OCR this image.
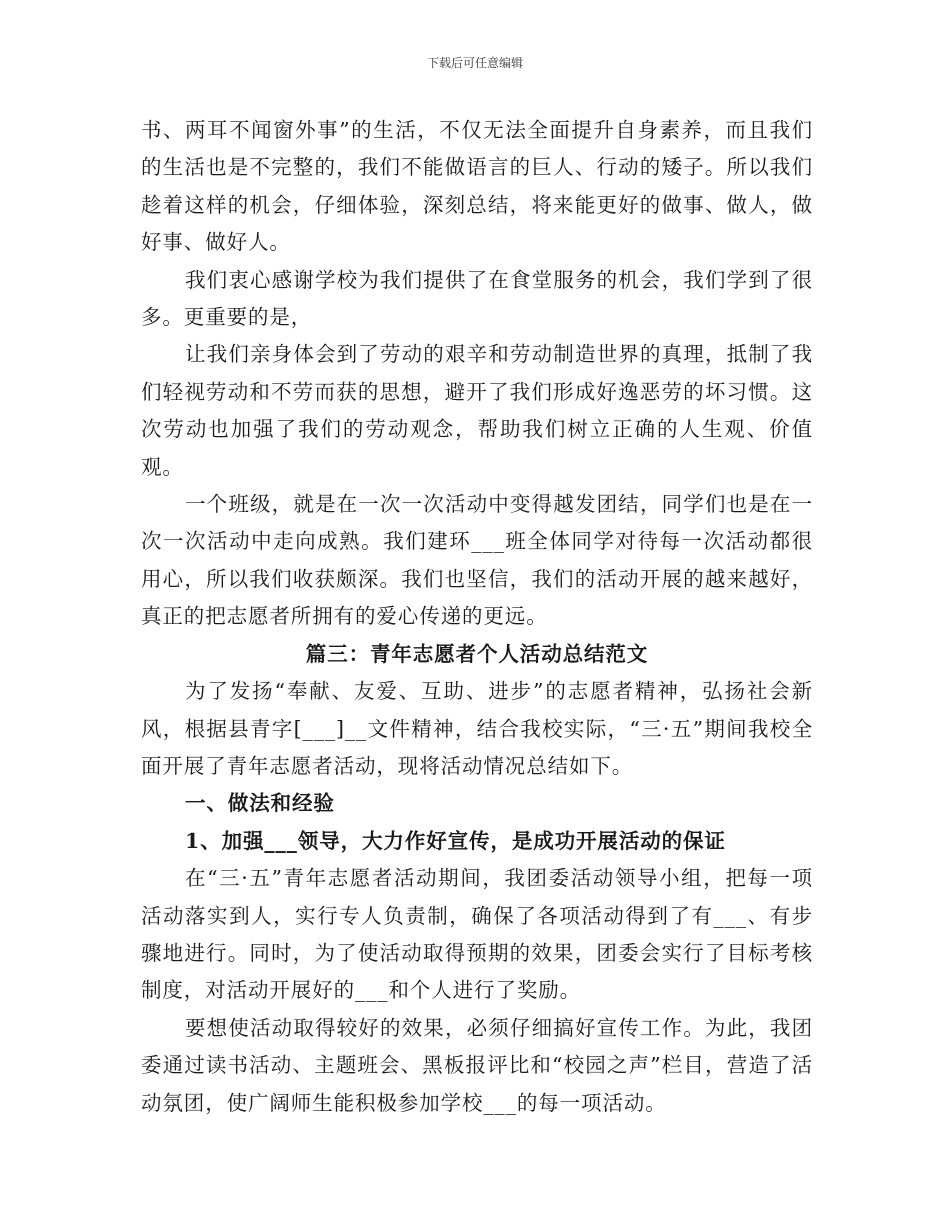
下载后可任意编辑

书、两耳不闻窗外事”的生活，不仅无法全面提升自身素养，而且我们的生活也是不完整的，我们不能做语言的巨人、行动的矮子。所以我们趁着这样的机会，仔细体验，深刻总结，将来能更好的做事、做人，做好事、做好人。

我们衷心感谢学校为我们提供了在食堂服务的机会，我们学到了很多。更重要的是，

让我们亲身体会到了劳动的艰辛和劳动制造世界的真理，抵制了我们轻视劳动和不劳而获的思想，避开了我们形成好逸恶劳的坏习惯。这次劳动也加强了我们的劳动观念，帮助我们树立正确的人生观、价值观。

一个班级，就是在一次一次活动中变得越发团结，同学们也是在一次一次活动中走向成熟。我们建环___班全体同学对待每一次活动都很用心，所以我们收获颇深。我们也坚信，我们的活动开展的越来越好，真正的把志愿者所拥有的爱心传递的更远。

篇三：青年志愿者个人活动总结范文

为了发扬“奉献、友爱、互助、进步”的志愿者精神，弘扬社会新风，根据县青字[___]__文件精神，结合我校实际，“三·五”期间我校全面开展了青年志愿者活动，现将活动情况总结如下。

一、做法和经验

1、加强___领导，大力作好宣传，是成功开展活动的保证

在“三·五”青年志愿者活动期间，我团委活动领导小组，把每一项活动落实到人，实行专人负责制，确保了各项活动得到了有___、有步骤地进行。同时，为了使活动取得预期的效果，团委会实行了目标考核制度，对活动开展好的___和个人进行了奖励。

要想使活动取得较好的效果，必须仔细搞好宣传工作。为此，我团委通过读书活动、主题班会、黑板报评比和“校园之声”栏目，营造了活动氛团，使广阔师生能积极参加学校___的每一项活动。
